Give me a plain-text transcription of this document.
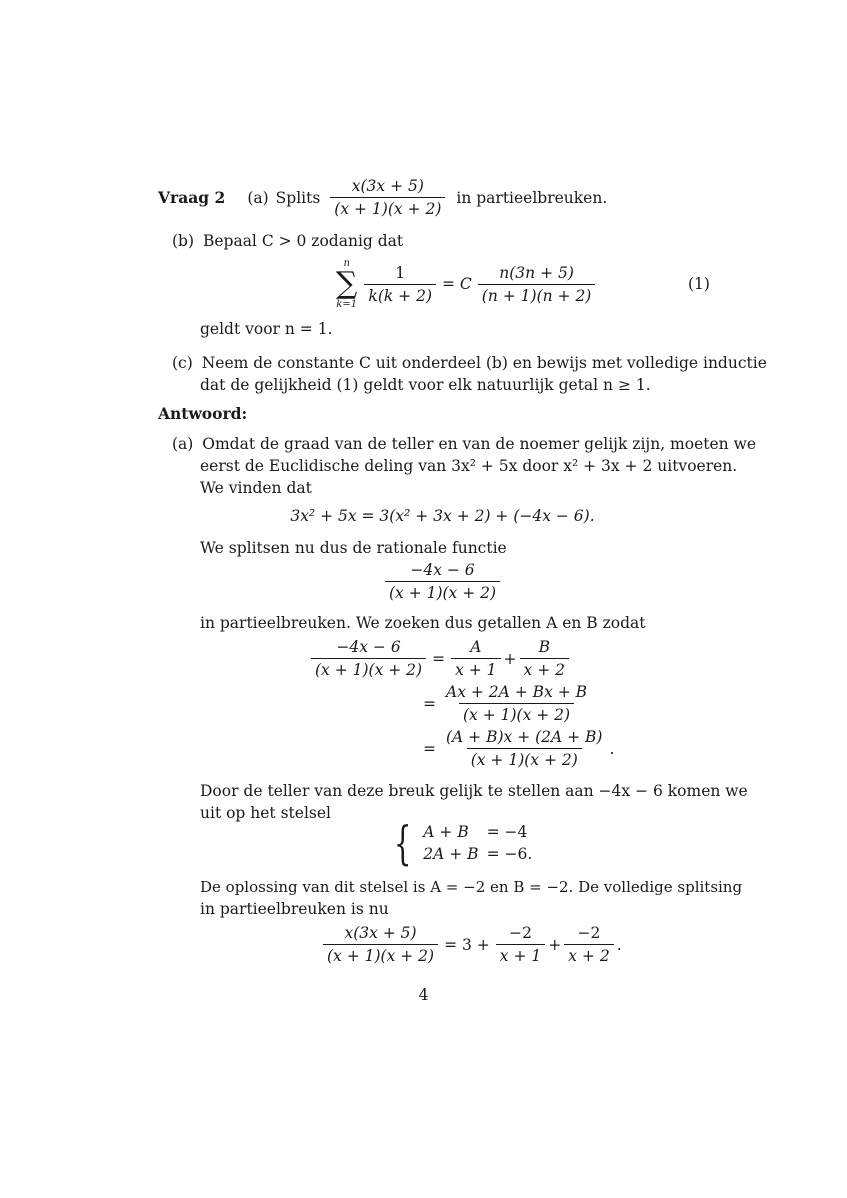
Vraag 2 (a) Splits $\frac{x(3x + 5)}{(x + 1)(x + 2)}$ in partieelbreuken.
(b) Bepaal C > 0 zodanig dat
n
∑
$k=1 \frac{1}{k(k + 2)} = C \frac{n(3n + 5)}{(n + 1)(n + 2)}$	(1)
geldt voor n = 1.
(c) Neem de constante C uit onderdeel (b) en bewijs met volledige inductie
dat de gelijkheid (1) geldt voor elk natuurlijk getal n ≥ 1.
Antwoord:
(a) Omdat de graad van de teller en van de noemer gelijk zijn, moeten we
eerst de Euclidische deling van 3x² + 5x door x² + 3x + 2 uitvoeren.
We vinden dat
3x² + 5x = 3(x² + 3x + 2) + (−4x − 6).
We splitsen nu dus de rationale functie
$\frac{-4x - 6}{(x + 1)(x + 2)}$
in partieelbreuken. We zoeken dus getallen A en B zodat
$\frac{-4x - 6}{(x + 1)(x + 2)} = \frac{A}{x + 1} + \frac{B}{x + 2}$
= $\frac{Ax + 2A + Bx + B}{(x + 1)(x + 2)}$
= $\frac{(A + B)x + (2A + B)}{(x + 1)(x + 2)}$ .
Door de teller van deze breuk gelijk te stellen aan −4x − 6 komen we
uit op het stelsel
{ A + B	= −4
2A + B	= −6.
De oplossing van dit stelsel is A = −2 en B = −2. De volledige splitsing
in partieelbreuken is nu
$\frac{x(3x + 5)}{(x + 1)(x + 2)} = 3 + \frac{-2}{x + 1} + \frac{-2}{x + 2}$ .
4
